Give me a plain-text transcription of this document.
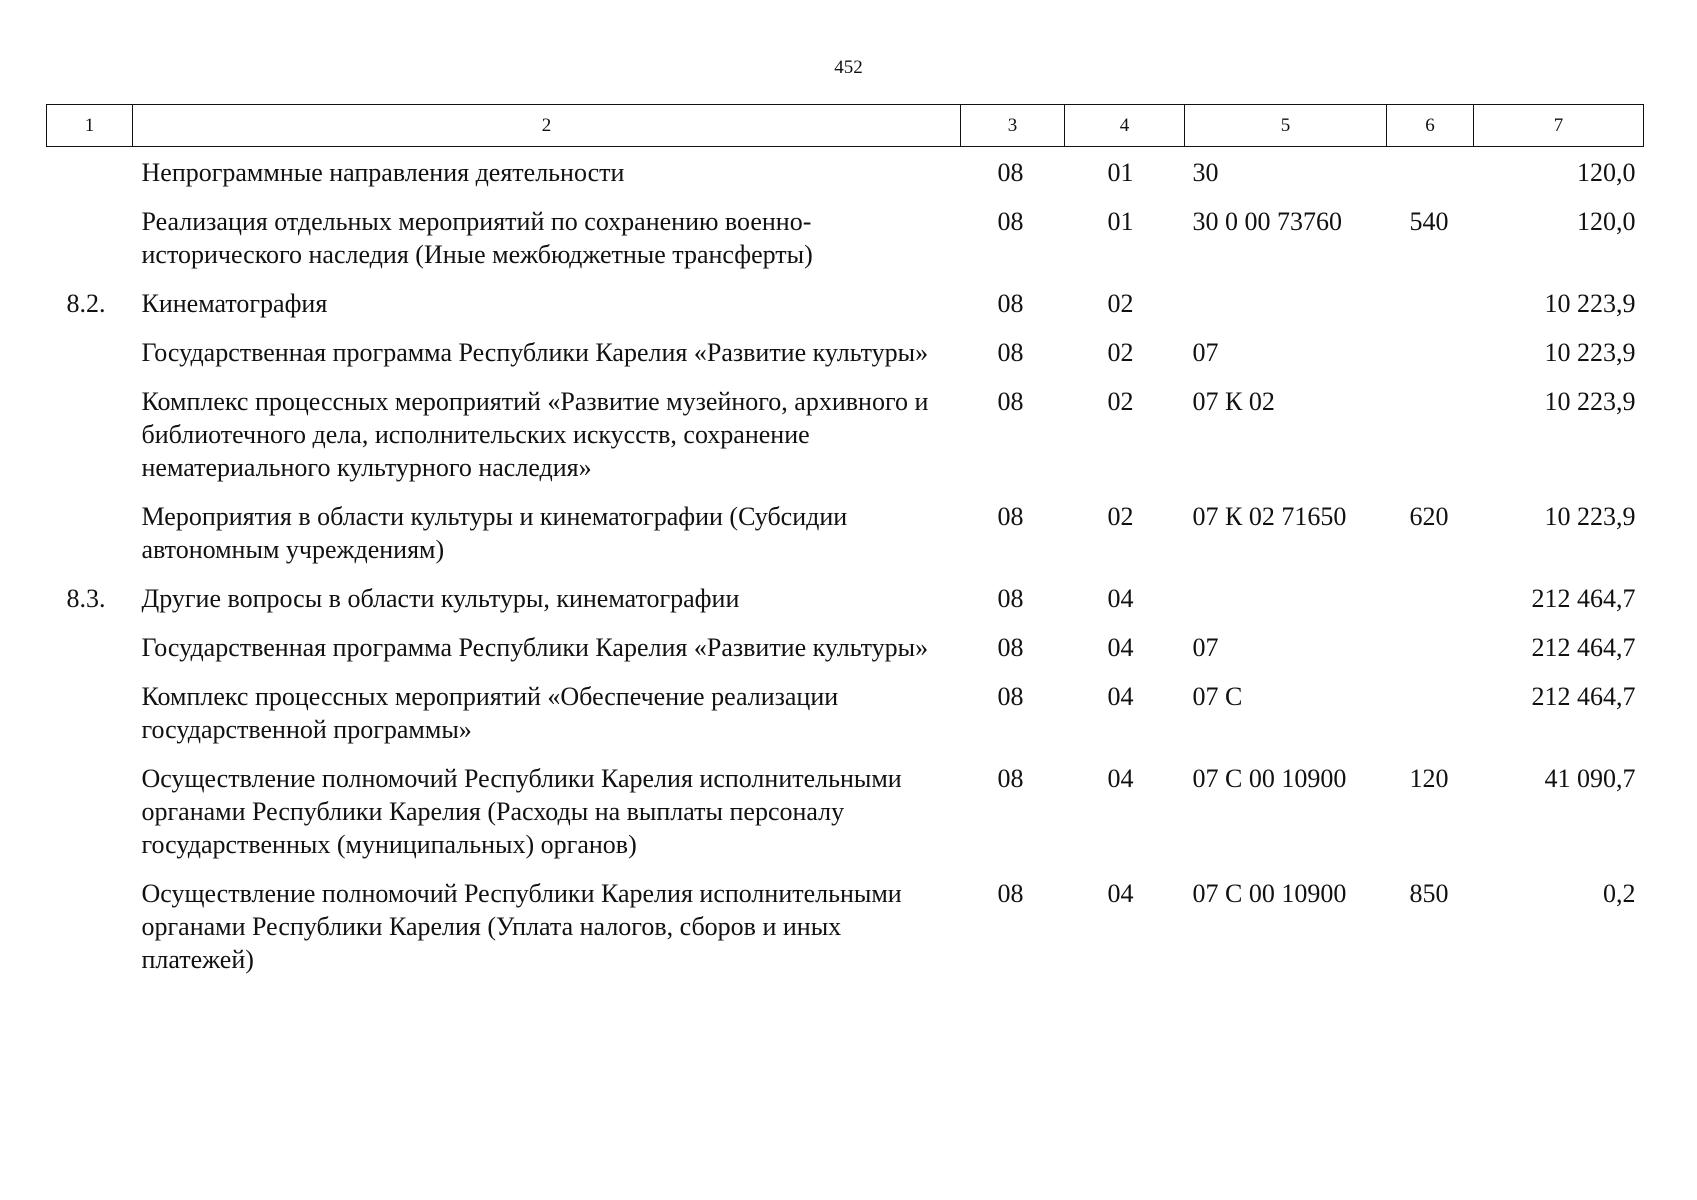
452
1	2	3	4	5	6	7
	Непрограммные направления деятельности	08	01	30		120,0
	Реализация отдельных мероприятий по сохранению военно-исторического наследия (Иные межбюджетные трансферты)	08	01	30 0 00 73760	540	120,0
8.2.	Кинематография	08	02			10 223,9
	Государственная программа Республики Карелия «Развитие культуры»	08	02	07		10 223,9
	Комплекс процессных мероприятий «Развитие музейного, архивного и библиотечного дела, исполнительских искусств, сохранение нематериального культурного наследия»	08	02	07 К 02		10 223,9
	Мероприятия в области культуры и кинематографии (Субсидии автономным учреждениям)	08	02	07 К 02 71650	620	10 223,9
8.3.	Другие вопросы в области культуры, кинематографии	08	04			212 464,7
	Государственная программа Республики Карелия «Развитие культуры»	08	04	07		212 464,7
	Комплекс процессных мероприятий «Обеспечение реализации государственной программы»	08	04	07 С		212 464,7
	Осуществление полномочий Республики Карелия исполнительными органами Республики Карелия (Расходы на выплаты персоналу государственных (муниципальных) органов)	08	04	07 С 00 10900	120	41 090,7
	Осуществление полномочий Республики Карелия исполнительными органами Республики Карелия (Уплата налогов, сборов и иных платежей)	08	04	07 С 00 10900	850	0,2
